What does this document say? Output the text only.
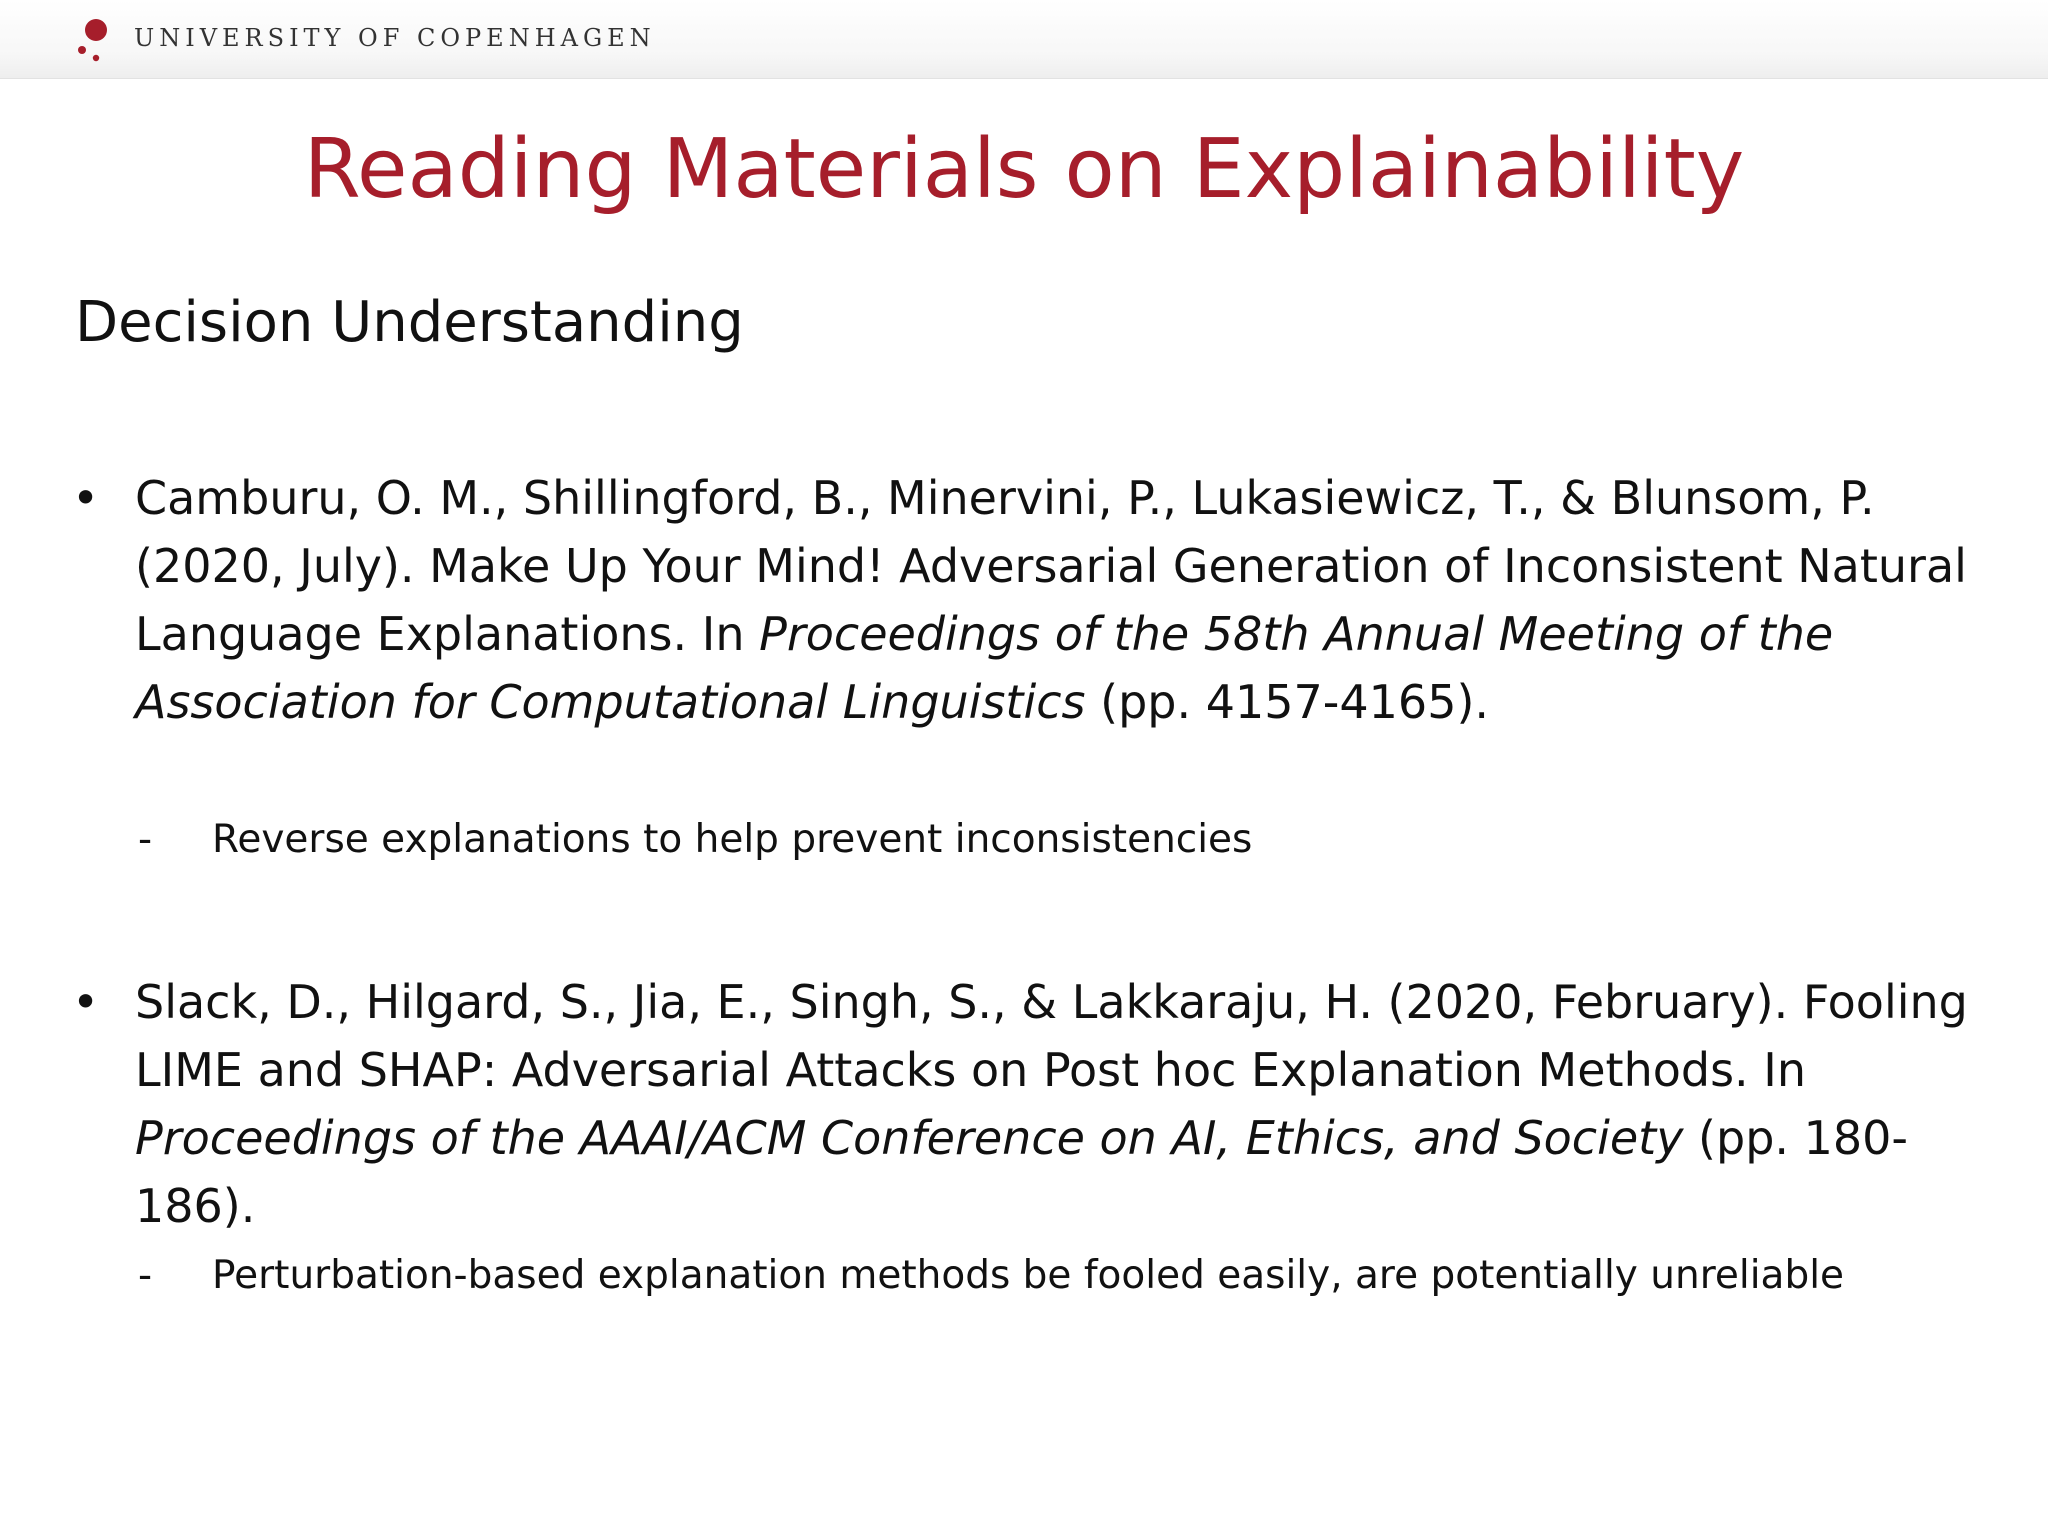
UNIVERSITY OF COPENHAGEN
Reading Materials on Explainability
Decision Understanding
• Camburu, O. M., Shillingford, B., Minervini, P., Lukasiewicz, T., & Blunsom, P. (2020, July). Make Up Your Mind! Adversarial Generation of Inconsistent Natural Language Explanations. In Proceedings of the 58th Annual Meeting of the Association for Computational Linguistics (pp. 4157-4165).
- Reverse explanations to help prevent inconsistencies
• Slack, D., Hilgard, S., Jia, E., Singh, S., & Lakkaraju, H. (2020, February). Fooling LIME and SHAP: Adversarial Attacks on Post hoc Explanation Methods. In Proceedings of the AAAI/ACM Conference on AI, Ethics, and Society (pp. 180-186).
- Perturbation-based explanation methods be fooled easily, are potentially unreliable
